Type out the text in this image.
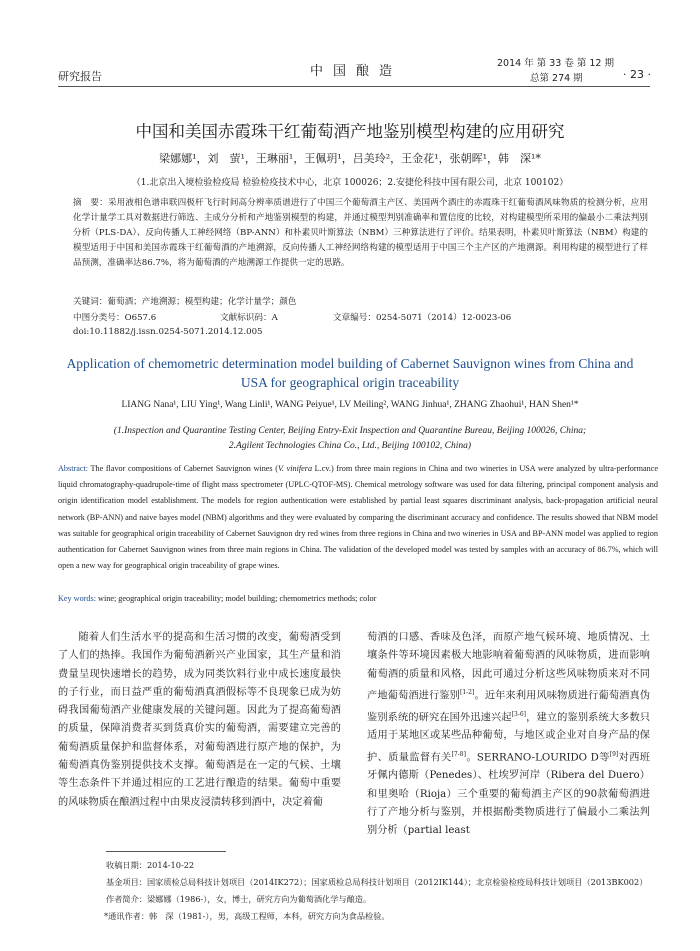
研究报告	中国酿造
2014 年 第 33 卷 第 12 期
总第 274 期	· 23 ·
中国和美国赤霞珠干红葡萄酒产地鉴别模型构建的应用研究
梁娜娜¹，刘　萤¹，王琳丽¹，王佩玥¹，吕美玲²，王金花¹，张朝晖¹，韩　深¹*
（1.北京出入境检验检疫局 检验检疫技术中心，北京 100026；2.安捷伦科技中国有限公司，北京 100102）
摘　要：采用液相色谱串联四极杆飞行时间高分辨率质谱进行了中国三个葡萄酒主产区、美国两个酒庄的赤霞珠干红葡萄酒风味物质的检测分析，应用化学计量学工具对数据进行筛选、主成分分析和产地鉴别模型的构建，并通过模型判别准确率和置信度的比较，对构建模型所采用的偏最小二乘法判别分析（PLS-DA）、反向传播人工神经网络（BP-ANN）和朴素贝叶斯算法（NBM）三种算法进行了评价。结果表明，朴素贝叶斯算法（NBM）构建的模型适用于中国和美国赤霞珠干红葡萄酒的产地溯源，反向传播人工神经网络构建的模型适用于中国三个主产区的产地溯源。利用构建的模型进行了样品预测，准确率达86.7%，将为葡萄酒的产地溯源工作提供一定的思路。
关键词：葡萄酒；产地溯源；模型构建；化学计量学；颜色
中图分类号：O657.6	文献标识码：A	文章编号：0254-5071（2014）12-0023-06
doi:10.11882/j.issn.0254-5071.2014.12.005
Application of chemometric determination model building of Cabernet Sauvignon wines from China and USA for geographical origin traceability
LIANG Nana¹, LIU Ying¹, Wang Linli¹, WANG Peiyue¹, LV Meiling², WANG Jinhua¹, ZHANG Zhaohui¹, HAN Shen¹*
(1.Inspection and Quarantine Testing Center, Beijing Entry-Exit Inspection and Quarantine Bureau, Beijing 100026, China;
2.Agilent Technologies China Co., Ltd., Beijing 100102, China)
Abstract: The flavor compositions of Cabernet Sauvignon wines (V. vinifera L.cv.) from three main regions in China and two wineries in USA were analyzed by ultra-performance liquid chromatography-quadrupole-time of flight mass spectrometer (UPLC-QTOF-MS). Chemical metrology software was used for data filtering, principal component analysis and origin identification model establishment. The models for region authentication were established by partial least squares discriminant analysis, back-propagation artificial neural network (BP-ANN) and naive bayes model (NBM) algorithms and they were evaluated by comparing the discriminant accuracy and confidence. The results showed that NBM model was suitable for geographical origin traceability of Cabernet Sauvignon dry red wines from three regions in China and two wineries in USA and BP-ANN model was applied to region authentication for Cabernet Sauvignon wines from three main regions in China. The validation of the developed model was tested by samples with an accuracy of 86.7%, which will open a new way for geographical origin traceability of grape wines.
Key words: wine; geographical origin traceability; model building; chemometrics methods; color
随着人们生活水平的提高和生活习惯的改变，葡萄酒受到了人们的热捧。我国作为葡萄酒新兴产业国家，其生产量和消费量呈现快速增长的趋势，成为同类饮料行业中成长速度最快的子行业，而日益严重的葡萄酒真酒假标等不良现象已成为妨碍我国葡萄酒产业健康发展的关键问题。因此为了提高葡萄酒的质量，保障消费者买到货真价实的葡萄酒，需要建立完善的葡萄酒质量保护和监督体系，对葡萄酒进行原产地的保护，为葡萄酒真伪鉴别提供技术支撑。葡萄酒是在一定的气候、土壤等生态条件下并通过相应的工艺进行酿造的结果。葡萄中重要的风味物质在酿酒过程中由果皮浸渍转移到酒中，决定着葡
萄酒的口感、香味及色泽，而原产地气候环境、地质情况、土壤条件等环境因素极大地影响着葡萄酒的风味物质，进而影响葡萄酒的质量和风格，因此可通过分析这些风味物质来对不同产地葡萄酒进行鉴别[1-2]。近年来利用风味物质进行葡萄酒真伪鉴别系统的研究在国外迅速兴起[3-6]，建立的鉴别系统大多数只适用于某地区或某些品种葡萄，与地区或企业对自身产品的保护、质量监督有关[7-8]。SERRANO-LOURIDO D等[9]对西班牙佩内德斯（Penedes）、杜埃罗河岸（Ribera del Duero）和里奥哈（Rioja）三个重要的葡萄酒主产区的90款葡萄酒进行了产地分析与鉴别，并根据酚类物质进行了偏最小二乘法判别分析（partial least
收稿日期：2014-10-22
基金项目：国家质检总局科技计划项目（2014IK272）；国家质检总局科技计划项目（2012IK144）；北京检验检疫局科技计划项目（2013BK002）
作者简介：梁娜娜（1986-），女，博士，研究方向为葡萄酒化学与酿造。
*通讯作者：韩　深（1981-），男，高级工程师，本科，研究方向为食品检验。
